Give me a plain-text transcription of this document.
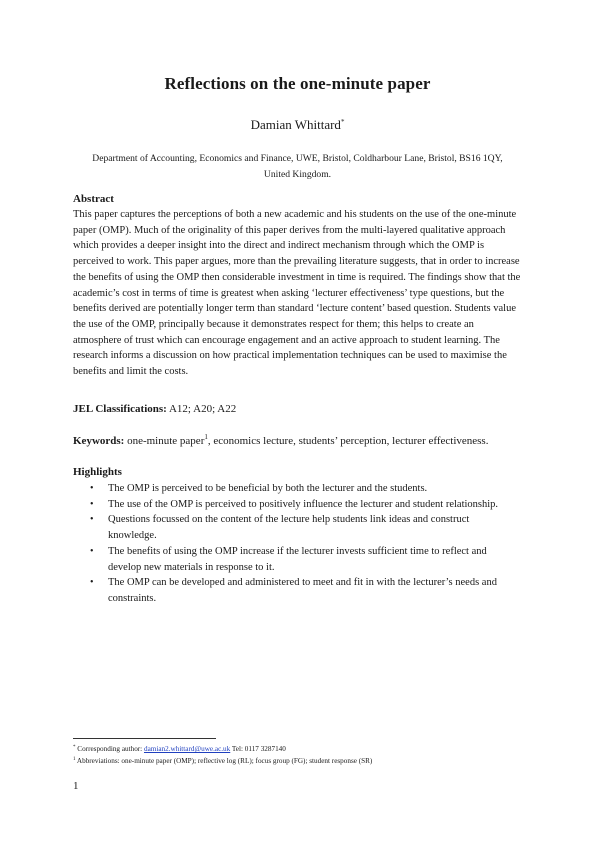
Reflections on the one-minute paper
Damian Whittard*
Department of Accounting, Economics and Finance, UWE, Bristol, Coldharbour Lane, Bristol, BS16 1QY, United Kingdom.
Abstract
This paper captures the perceptions of both a new academic and his students on the use of the one-minute paper (OMP). Much of the originality of this paper derives from the multi-layered qualitative approach which provides a deeper insight into the direct and indirect mechanism through which the OMP is perceived to work. This paper argues, more than the prevailing literature suggests, that in order to increase the benefits of using the OMP then considerable investment in time is required. The findings show that the academic’s cost in terms of time is greatest when asking ‘lecturer effectiveness’ type questions, but the benefits derived are potentially longer term than standard ‘lecture content’ based question. Students value the use of the OMP, principally because it demonstrates respect for them; this helps to create an atmosphere of trust which can encourage engagement and an active approach to student learning. The research informs a discussion on how practical implementation techniques can be used to maximise the benefits and limit the costs.
JEL Classifications: A12; A20; A22
Keywords: one-minute paper$^1$, economics lecture, students’ perception, lecturer effectiveness.
Highlights
• The OMP is perceived to be beneficial by both the lecturer and the students.
• The use of the OMP is perceived to positively influence the lecturer and student relationship.
• Questions focussed on the content of the lecture help students link ideas and construct knowledge.
• The benefits of using the OMP increase if the lecturer invests sufficient time to reflect and develop new materials in response to it.
• The OMP can be developed and administered to meet and fit in with the lecturer’s needs and constraints.
* Corresponding author: damian2.whittard@uwe.ac.uk Tel: 0117 3287140
$^1$ Abbreviations: one-minute paper (OMP); reflective log (RL); focus group (FG); student response (SR)
1
